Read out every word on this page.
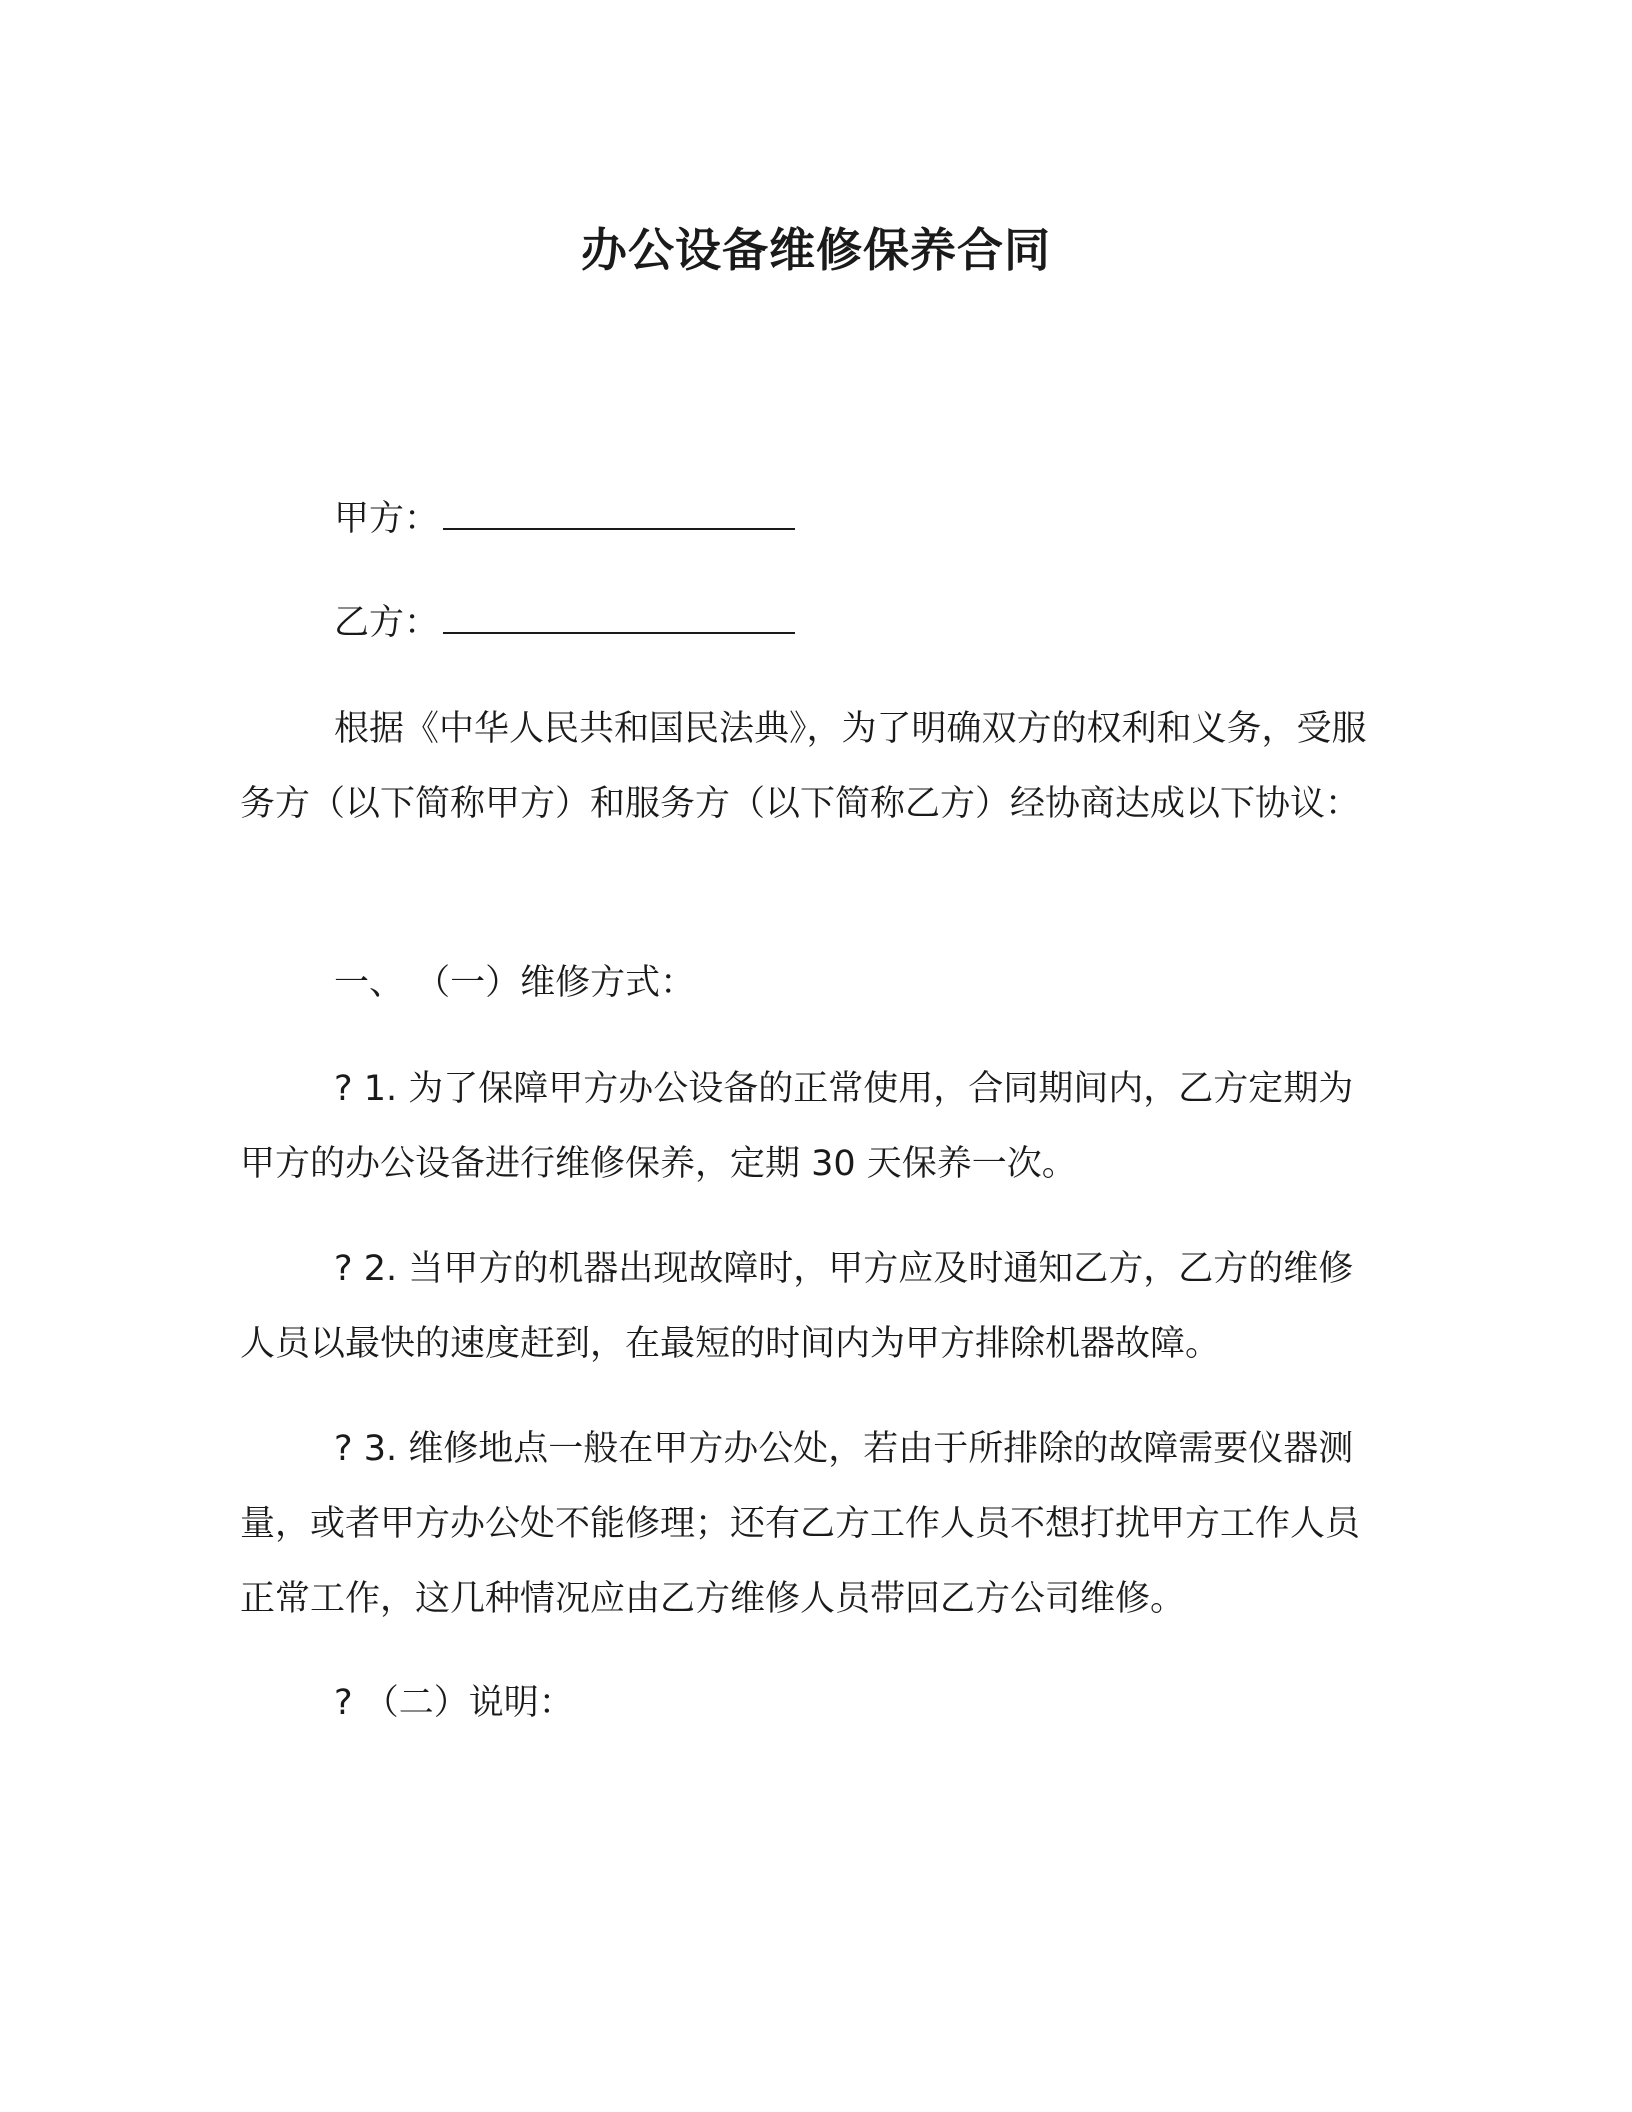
办公设备维修保养合同
甲方：
乙方：

根据《中华人民共和国民法典》，为了明确双方的权利和义务，受服务方（以下简称甲方）和服务方（以下简称乙方）经协商达成以下协议：

一、 （一）维修方式：

? 1. 为了保障甲方办公设备的正常使用，合同期间内，乙方定期为甲方的办公设备进行维修保养，定期 30 天保养一次。

? 2. 当甲方的机器出现故障时，甲方应及时通知乙方，乙方的维修人员以最快的速度赶到，在最短的时间内为甲方排除机器故障。

? 3. 维修地点一般在甲方办公处，若由于所排除的故障需要仪器测量，或者甲方办公处不能修理；还有乙方工作人员不想打扰甲方工作人员正常工作，这几种情况应由乙方维修人员带回乙方公司维修。

? （二）说明：
